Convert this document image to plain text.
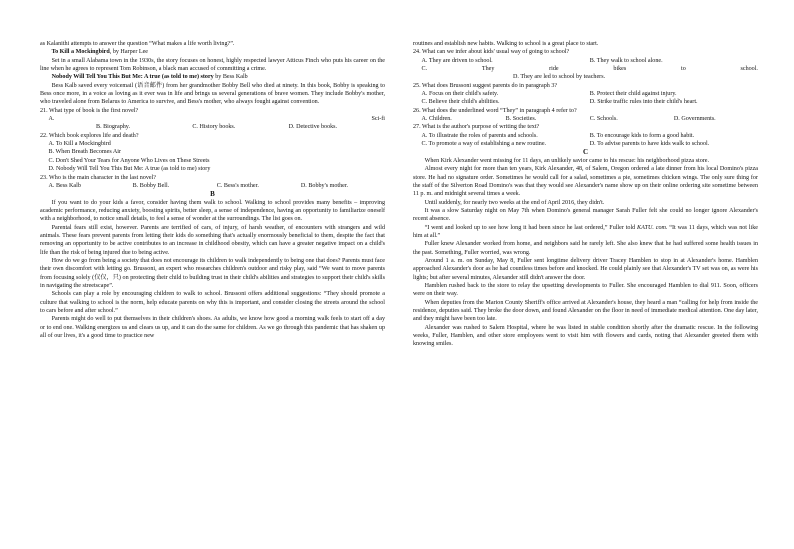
as Kalanithi attempts to answer the question “What makes a life worth living?”.

To Kill a Mockingbird, by Harper Lee

Set in a small Alabama town in the 1930s, the story focuses on honest, highly respected lawyer Atticus Finch who puts his career on the line when he agrees to represent Tom Robinson, a black man accused of committing a crime.

Nobody Will Tell You This But Me: A true (as told to me) story by Bess Kalb

Bess Kalb saved every voicemail (语音邮件) from her grandmother Bobby Bell who died at ninety. In this book, Bobby is speaking to Bess once more, in a voice as loving as it ever was in life and brings us several generations of brave women. They include Bobby's mother, who traveled alone from Belarus to America to survive, and Bess's mother, who always fought against convention.

21. What type of book is the first novel?

A.	Sci-fi
B. Biography.	C. History books.	D. Detective books.

22. Which book explores life and death?

A. To Kill a Mockingbird

B. When Breath Becomes Air

C. Don't Shed Your Tears for Anyone Who Lives on These Streets

D. Nobody Will Tell You This But Me: A true (as told to me) story

23. Who is the main character in the last novel?

A. Bess Kalb	B. Bobby Bell.	C. Bess's mother.	D. Bobby's mother.

B

If you want to do your kids a favor, consider having them walk to school. Walking to school provides many benefits – improving academic performance, reducing anxiety, boosting spirits, better sleep, a sense of independence, having an opportunity to familiarize oneself with a neighborhood, to notice small details, to feel a sense of wonder at the surroundings. The list goes on.

Parental fears still exist, however. Parents are terrified of cars, of injury, of harsh weather, of encounters with strangers and wild animals. These fears prevent parents from letting their kids do something that's actually enormously beneficial to them, despite the fact that removing an opportunity to be active contributes to an increase in childhood obesity, which can have a greater negative impact on a child's life than the risk of being injured due to being active.

How do we go from being a society that does not encourage its children to walk independently to being one that does? Parents must face their own discomfort with letting go. Brussoni, an expert who researches children's outdoor and risky play, said “We want to move parents from focusing solely (仅仅，只) on protecting their child to building trust in their child's abilities and strategies to support their child's skills in navigating the streetscape”.

Schools can play a role by encouraging children to walk to school. Brussoni offers additional suggestions: “They should promote a culture that walking to school is the norm, help educate parents on why this is important, and consider closing the streets around the school to cars before and after school.”

Parents might do well to put themselves in their children's shoes. As adults, we know how good a morning walk feels to start off a day or to end one. Walking energizes us and clears us up, and it can do the same for children. As we go through this pandemic that has shaken up all of our lives, it's a good time to practice new

routines and establish new habits. Walking to school is a great place to start.

24. What can we infer about kids' usual way of going to school?

A. They are driven to school.	B. They walk to school alone.
C.	They	ride	bikes	to	school.

D. They are led to school by teachers.

25. What does Brussoni suggest parents do in paragraph 3?

A. Focus on their child's safety.	B. Protect their child against injury.
C. Believe their child's abilities.	D. Strike traffic rules into their child's heart.

26. What does the underlined word “They” in paragraph 4 refer to?

A. Children.	B. Societies.	C. Schools.	D. Governments.

27. What is the author's purpose of writing the text?

A. To illustrate the roles of parents and schools.	B. To encourage kids to form a good habit.
C. To promote a way of establishing a new routine.	D. To advise parents to have kids walk to school.

C

When Kirk Alexander went missing for 11 days, an unlikely savior came to his rescue: his neighborhood pizza store.

Almost every night for more than ten years, Kirk Alexander, 48, of Salem, Oregon ordered a late dinner from his local Domino's pizza store. He had no signature order. Sometimes he would call for a salad, sometimes a pie, sometimes chicken wings. The only sure thing for the staff of the Silverton Road Domino's was that they would see Alexander's name show up on their online ordering site sometime between 11 p. m. and midnight several times a week.

Until suddenly, for nearly two weeks at the end of April 2016, they didn't.

It was a slow Saturday night on May 7th when Domino's general manager Sarah Fuller felt she could no longer ignore Alexander's recent absence.

“I went and looked up to see how long it had been since he last ordered,” Fuller told KATU. com. “It was 11 days, which was not like him at all.”

Fuller knew Alexander worked from home, and neighbors said he rarely left. She also knew that he had suffered some health issues in the past. Something, Fuller worried, was wrong.

Around 1 a. m. on Sunday, May 8, Fuller sent longtime delivery driver Tracey Hamblen to stop in at Alexander's home. Hamblen approached Alexander's door as he had countless times before and knocked. He could plainly see that Alexander's TV set was on, as were his lights; but after several minutes, Alexander still didn't answer the door.

Hamblen rushed back to the store to relay the upsetting developments to Fuller. She encouraged Hamblen to dial 911. Soon, officers were on their way.

When deputies from the Marion County Sheriff's office arrived at Alexander's house, they heard a man “calling for help from inside the residence, deputies said. They broke the door down, and found Alexander on the floor in need of immediate medical attention. One day later, and they might have been too late.

Alexander was rushed to Salem Hospital, where he was listed in stable condition shortly after the dramatic rescue. In the following weeks, Fuller, Hamblen, and other store employees went to visit him with flowers and cards, noting that Alexander greeted them with knowing smiles.
